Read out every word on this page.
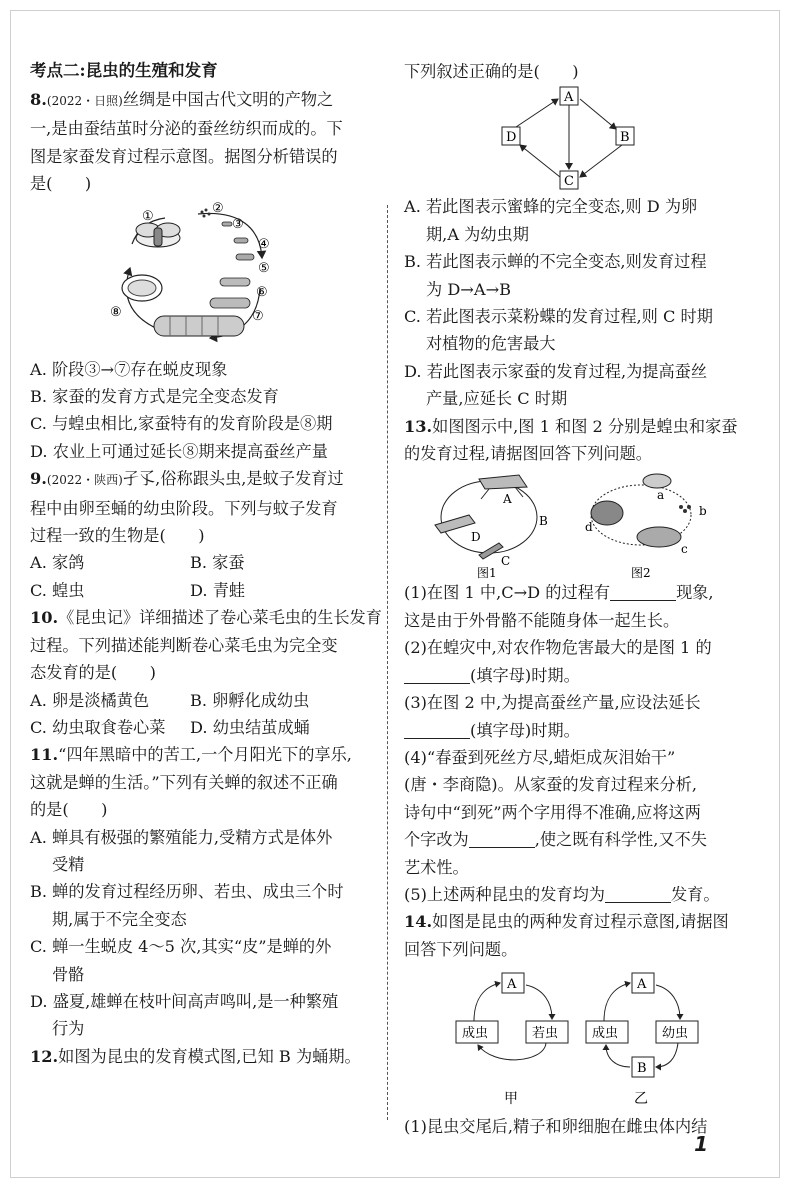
考点二:昆虫的生殖和发育

8.(2022・日照)丝绸是中国古代文明的产物之

一,是由蚕结茧时分泌的蚕丝纺织而成的。下

图是家蚕发育过程示意图。据图分析错误的

是(　　)

①
②
③
④
⑤
⑥
⑦
⑧

A. 阶段③→⑦存在蜕皮现象

B. 家蚕的发育方式是完全变态发育

C. 与蝗虫相比,家蚕特有的发育阶段是⑧期

D. 农业上可通过延长⑧期来提高蚕丝产量

9.(2022・陕西)孑孓,俗称跟头虫,是蚊子发育过

程中由卵至蛹的幼虫阶段。下列与蚊子发育

过程一致的生物是(　　)

A. 家鸽	B. 家蚕

C. 蝗虫	D. 青蛙

10.《昆虫记》详细描述了卷心菜毛虫的生长发育

过程。下列描述能判断卷心菜毛虫为完全变

态发育的是(　　)

A. 卵是淡橘黄色	B. 卵孵化成幼虫

C. 幼虫取食卷心菜	D. 幼虫结茧成蛹

11.“四年黑暗中的苦工,一个月阳光下的享乐,

这就是蝉的生活。”下列有关蝉的叙述不正确

的是(　　)

A. 蝉具有极强的繁殖能力,受精方式是体外

受精

B. 蝉的发育过程经历卵、若虫、成虫三个时

期,属于不完全变态

C. 蝉一生蜕皮 4～5 次,其实“皮”是蝉的外

骨骼

D. 盛夏,雄蝉在枝叶间高声鸣叫,是一种繁殖

行为

12.如图为昆虫的发育模式图,已知 B 为蛹期。

下列叙述正确的是(　　)

A
B
C
D

A. 若此图表示蜜蜂的完全变态,则 D 为卵

期,A 为幼虫期

B. 若此图表示蝉的不完全变态,则发育过程

为 D→A→B

C. 若此图表示菜粉蝶的发育过程,则 C 时期

对植物的危害最大

D. 若此图表示家蚕的发育过程,为提高蚕丝

产量,应延长 C 时期

13.如图图示中,图 1 和图 2 分别是蝗虫和家蚕

的发育过程,请据图回答下列问题。

A
B
C
D
图1
a
b
c
d
图2

(1)在图 1 中,C→D 的过程有	现象,

这是由于外骨骼不能随身体一起生长。

(2)在蝗灾中,对农作物危害最大的是图 1 的

(填字母)时期。

(3)在图 2 中,为提高蚕丝产量,应设法延长

(填字母)时期。

(4)“春蚕到死丝方尽,蜡炬成灰泪始干”

(唐・李商隐)。从家蚕的发育过程来分析,

诗句中“到死”两个字用得不准确,应将这两

个字改为	,使之既有科学性,又不失

艺术性。

(5)上述两种昆虫的发育均为	发育。

14.如图是昆虫的两种发育过程示意图,请据图

回答下列问题。

A
成虫	若虫
甲
A
成虫	幼虫
B
乙

(1)昆虫交尾后,精子和卵细胞在雌虫体内结

1
